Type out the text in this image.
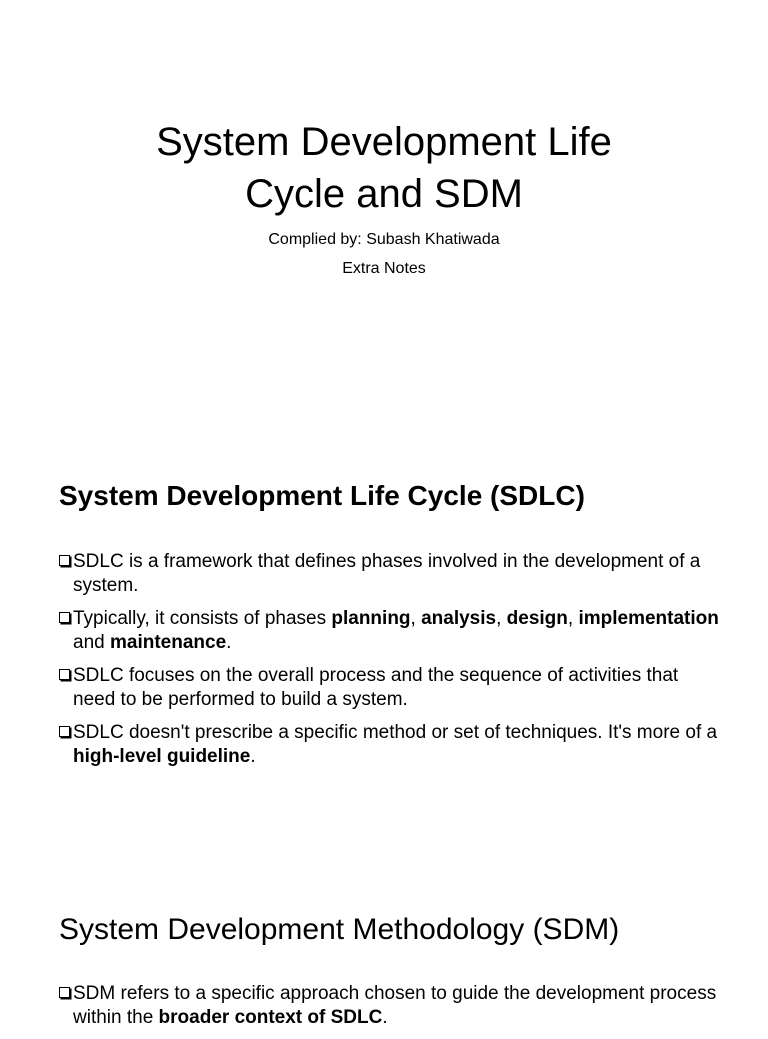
System Development Life
Cycle and SDM

Complied by: Subash Khatiwada

Extra Notes

System Development Life Cycle (SDLC)
SDLC is a framework that defines phases involved in the development of a system.
Typically, it consists of phases planning, analysis, design, implementation and maintenance.
SDLC focuses on the overall process and the sequence of activities that need to be performed to build a system.
SDLC doesn't prescribe a specific method or set of techniques. It's more of a high-level guideline.
System Development Methodology (SDM)
SDM refers to a specific approach chosen to guide the development process within the broader context of SDLC.
